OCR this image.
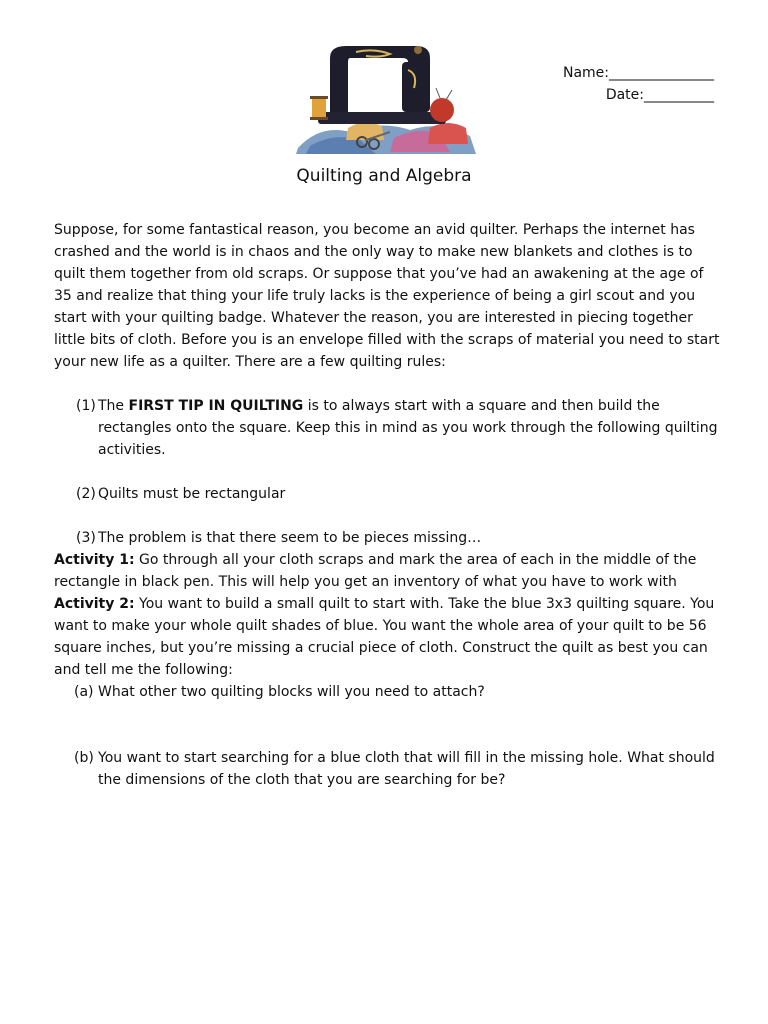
Name:_______________
Date:__________
Quilting and Algebra

Suppose, for some fantastical reason, you become an avid quilter. Perhaps the internet has crashed and the world is in chaos and the only way to make new blankets and clothes is to quilt them together from old scraps. Or suppose that you’ve had an awakening at the age of 35 and realize that thing your life truly lacks is the experience of being a girl scout and you start with your quilting badge. Whatever the reason, you are interested in piecing together little bits of cloth. Before you is an envelope filled with the scraps of material you need to start your new life as a quilter. There are a few quilting rules:

(1) The FIRST TIP IN QUILTING is to always start with a square and then build the rectangles onto the square. Keep this in mind as you work through the following quilting activities.
(2) Quilts must be rectangular
(3) The problem is that there seem to be pieces missing…

Activity 1: Go through all your cloth scraps and mark the area of each in the middle of the rectangle in black pen. This will help you get an inventory of what you have to work with

Activity 2: You want to build a small quilt to start with. Take the blue 3x3 quilting square. You want to make your whole quilt shades of blue. You want the whole area of your quilt to be 56 square inches, but you’re missing a crucial piece of cloth. Construct the quilt as best you can and tell me the following:

(a) What other two quilting blocks will you need to attach?
(b) You want to start searching for a blue cloth that will fill in the missing hole. What should the dimensions of the cloth that you are searching for be?
